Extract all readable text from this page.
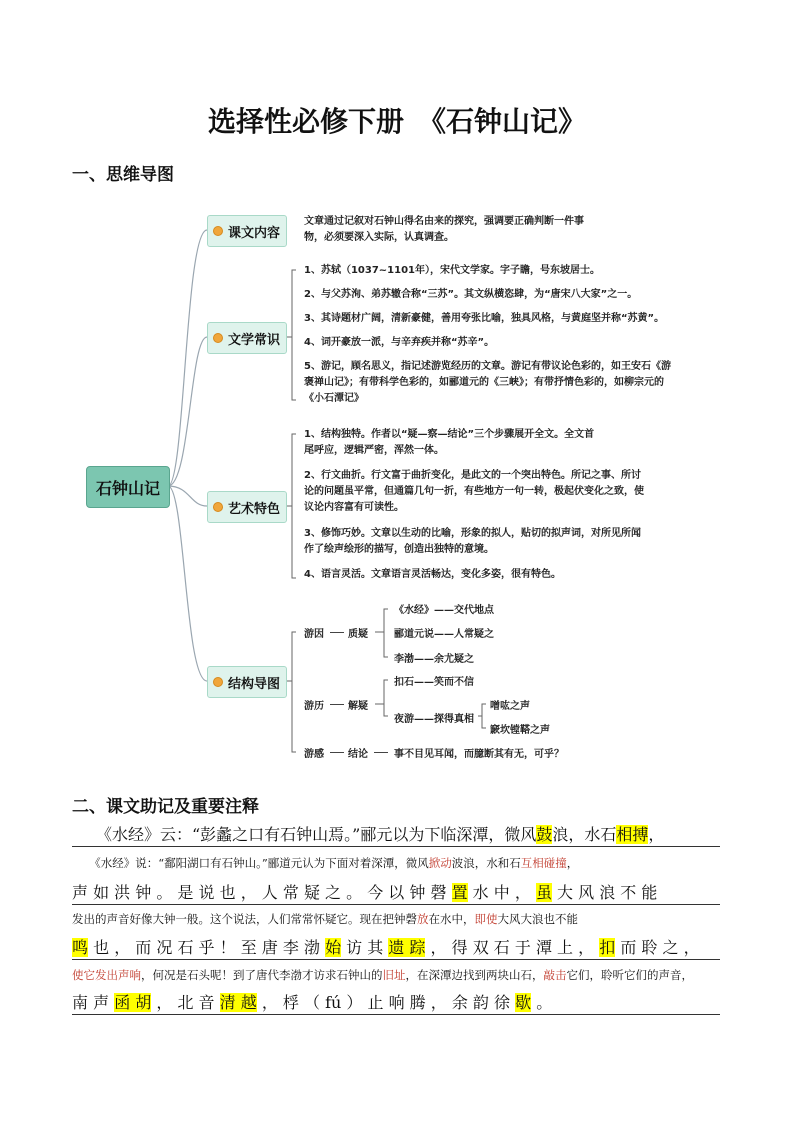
选择性必修下册　《石钟山记》
一、思维导图
石钟山记
课文内容
文学常识
艺术特色
结构导图
文章通过记叙对石钟山得名由来的探究，强调要正确判断一件事物，必须要深入实际，认真调查。
1、苏轼（1037~1101年），宋代文学家。字子瞻，号东坡居士。
2、与父苏洵、弟苏辙合称“三苏”。其文纵横恣肆，为“唐宋八大家”之一。
3、其诗题材广阔，清新豪健，善用夸张比喻，独具风格，与黄庭坚并称“苏黄”。
4、词开豪放一派，与辛弃疾并称“苏辛”。
5、游记，顾名思义，指记述游览经历的文章。游记有带议论色彩的，如王安石《游褒禅山记》；有带科学色彩的，如郦道元的《三峡》；有带抒情色彩的，如柳宗元的《小石潭记》
1、结构独特。作者以“疑—察—结论”三个步骤展开全文。全文首尾呼应，逻辑严密，浑然一体。
2、行文曲折。行文富于曲折变化，是此文的一个突出特色。所记之事、所讨论的问题虽平常，但通篇几句一折，有些地方一句一转，极起伏变化之致，使议论内容富有可读性。
3、修饰巧妙。文章以生动的比喻，形象的拟人，贴切的拟声词，对所见所闻作了绘声绘形的描写，创造出独特的意境。
4、语言灵活。文章语言灵活畅达，变化多姿，很有特色。
游因 质疑
《水经》——交代地点
郦道元说——人常疑之
李渤——余尤疑之
游历 解疑
扣石——笑而不信
夜游——探得真相
噌吰之声
窾坎镗鞳之声
游感 结论	事不目见耳闻，而臆断其有无，可乎？
二、课文助记及重要注释
　　《水经》云：“彭蠡之口有石钟山焉。”郦元以为下临深潭，微风鼓浪，水石相搏，
　　《水经》说：“鄱阳湖口有石钟山。”郦道元认为下面对着深潭，微风掀动波浪，水和石互相碰撞，
声 如 洪 钟 。 是 说 也 ， 人 常 疑 之 。 今 以 钟 磬 置 水 中 ， 虽 大 风 浪 不 能
发出的声音好像大钟一般。这个说法，人们常常怀疑它。现在把钟磬放在水中，即使大风大浪也不能
鸣 也 ， 而 况 石 乎 ！ 至 唐 李 渤 始 访 其 遗 踪 ， 得 双 石 于 潭 上 ， 扣 而 聆 之 ，
使它发出声响，何况是石头呢！到了唐代李渤才访求石钟山的旧址，在深潭边找到两块山石，敲击它们，聆听它们的声音，
南 声 函 胡 ， 北 音 清 越 ， 桴 （ fú ） 止 响 腾 ， 余 韵 徐 歇 。
